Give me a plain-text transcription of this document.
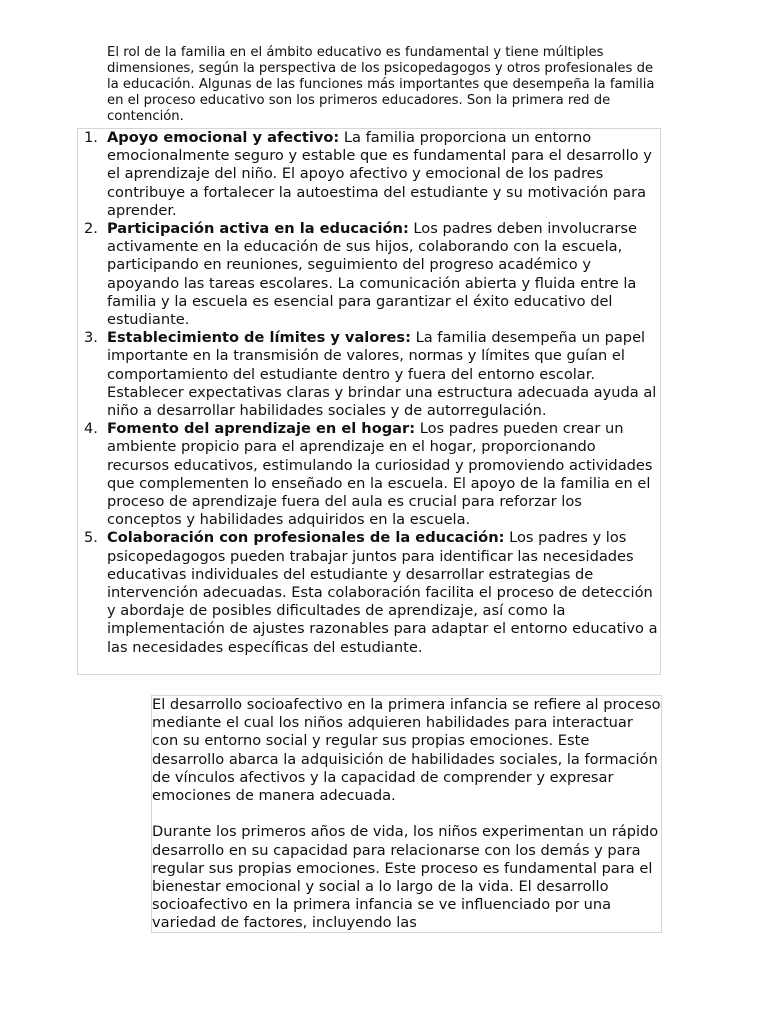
El rol de la familia en el ámbito educativo es fundamental y tiene múltiples dimensiones, según la perspectiva de los psicopedagogos y otros profesionales de la educación. Algunas de las funciones más importantes que desempeña la familia en el proceso educativo son los primeros educadores. Son la primera red de contención.

1. Apoyo emocional y afectivo: La familia proporciona un entorno emocionalmente seguro y estable que es fundamental para el desarrollo y el aprendizaje del niño. El apoyo afectivo y emocional de los padres contribuye a fortalecer la autoestima del estudiante y su motivación para aprender.
2. Participación activa en la educación: Los padres deben involucrarse activamente en la educación de sus hijos, colaborando con la escuela, participando en reuniones, seguimiento del progreso académico y apoyando las tareas escolares. La comunicación abierta y fluida entre la familia y la escuela es esencial para garantizar el éxito educativo del estudiante.
3. Establecimiento de límites y valores: La familia desempeña un papel importante en la transmisión de valores, normas y límites que guían el comportamiento del estudiante dentro y fuera del entorno escolar. Establecer expectativas claras y brindar una estructura adecuada ayuda al niño a desarrollar habilidades sociales y de autorregulación.
4. Fomento del aprendizaje en el hogar: Los padres pueden crear un ambiente propicio para el aprendizaje en el hogar, proporcionando recursos educativos, estimulando la curiosidad y promoviendo actividades que complementen lo enseñado en la escuela. El apoyo de la familia en el proceso de aprendizaje fuera del aula es crucial para reforzar los conceptos y habilidades adquiridos en la escuela.
5. Colaboración con profesionales de la educación: Los padres y los psicopedagogos pueden trabajar juntos para identificar las necesidades educativas individuales del estudiante y desarrollar estrategias de intervención adecuadas. Esta colaboración facilita el proceso de detección y abordaje de posibles dificultades de aprendizaje, así como la implementación de ajustes razonables para adaptar el entorno educativo a las necesidades específicas del estudiante.

El desarrollo socioafectivo en la primera infancia se refiere al proceso mediante el cual los niños adquieren habilidades para interactuar con su entorno social y regular sus propias emociones. Este desarrollo abarca la adquisición de habilidades sociales, la formación de vínculos afectivos y la capacidad de comprender y expresar emociones de manera adecuada.

Durante los primeros años de vida, los niños experimentan un rápido desarrollo en su capacidad para relacionarse con los demás y para regular sus propias emociones. Este proceso es fundamental para el bienestar emocional y social a lo largo de la vida. El desarrollo socioafectivo en la primera infancia se ve influenciado por una variedad de factores, incluyendo las
